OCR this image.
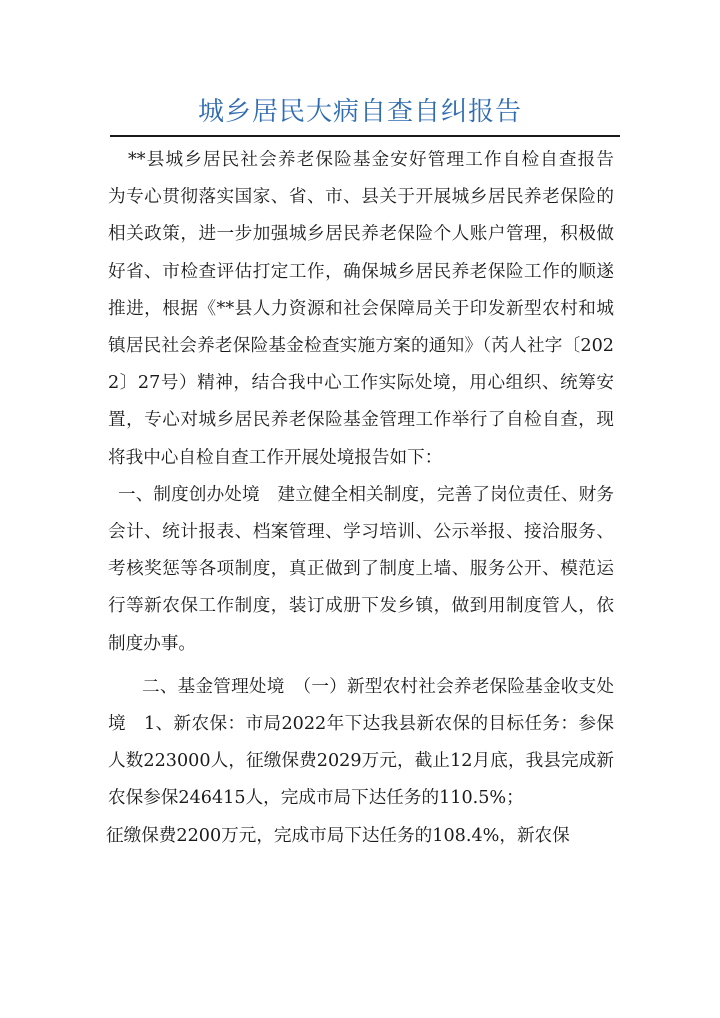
城乡居民大病自查自纠报告

**县城乡居民社会养老保险基金安好管理工作自检自查报告　为专心贯彻落实国家、省、市、县关于开展城乡居民养老保险的相关政策，进一步加强城乡居民养老保险个人账户管理，积极做好省、市检查评估打定工作，确保城乡居民养老保险工作的顺遂推进，根据《**县人力资源和社会保障局关于印发新型农村和城镇居民社会养老保险基金检查实施方案的通知》（芮人社字〔2022〕27号）精神，结合我中心工作实际处境，用心组织、统筹安置，专心对城乡居民养老保险基金管理工作举行了自检自查，现将我中心自检自查工作开展处境报告如下：

一、制度创办处境　建立健全相关制度，完善了岗位责任、财务会计、统计报表、档案管理、学习培训、公示举报、接洽服务、考核奖惩等各项制度，真正做到了制度上墙、服务公开、模范运行等新农保工作制度，装订成册下发乡镇，做到用制度管人，依制度办事。

二、基金管理处境　（一）新型农村社会养老保险基金收支处境　1、新农保：市局2022年下达我县新农保的目标任务：参保人数223000人，征缴保费2029万元，截止12月底，我县完成新农保参保246415人，完成市局下达任务的110.5%；

征缴保费2200万元，完成市局下达任务的108.4%，新农保
